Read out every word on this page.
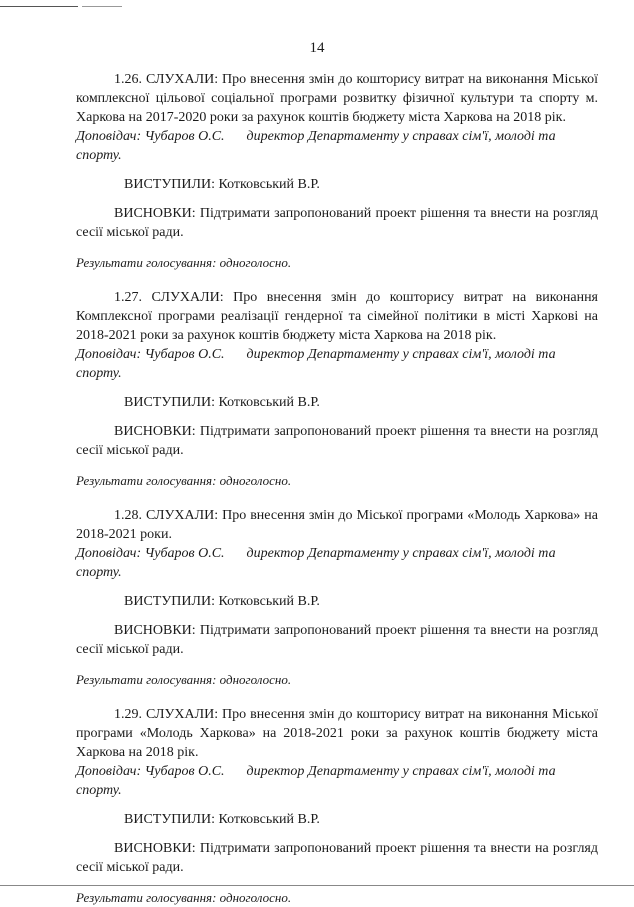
14
1.26. СЛУХАЛИ: Про внесення змін до кошторису витрат на виконання Міської комплексної цільової соціальної програми розвитку фізичної культури та спорту м. Харкова на 2017-2020 роки за рахунок коштів бюджету міста Харкова на 2018 рік.
Доповідач: Чубаров О.С. директор Департаменту у справах сім'ї, молоді та спорту.
ВИСТУПИЛИ: Котковський В.Р.
ВИСНОВКИ: Підтримати запропонований проект рішення та внести на розгляд сесії міської ради.
Результати голосування: одноголосно.
1.27. СЛУХАЛИ: Про внесення змін до кошторису витрат на виконання Комплексної програми реалізації гендерної та сімейної політики в місті Харкові на 2018-2021 роки за рахунок коштів бюджету міста Харкова на 2018 рік.
Доповідач: Чубаров О.С. директор Департаменту у справах сім'ї, молоді та спорту.
ВИСТУПИЛИ: Котковський В.Р.
ВИСНОВКИ: Підтримати запропонований проект рішення та внести на розгляд сесії міської ради.
Результати голосування: одноголосно.
1.28. СЛУХАЛИ: Про внесення змін до Міської програми «Молодь Харкова» на 2018-2021 роки.
Доповідач: Чубаров О.С. директор Департаменту у справах сім'ї, молоді та спорту.
ВИСТУПИЛИ: Котковський В.Р.
ВИСНОВКИ: Підтримати запропонований проект рішення та внести на розгляд сесії міської ради.
Результати голосування: одноголосно.
1.29. СЛУХАЛИ: Про внесення змін до кошторису витрат на виконання Міської програми «Молодь Харкова» на 2018-2021 роки за рахунок коштів бюджету міста Харкова на 2018 рік.
Доповідач: Чубаров О.С. директор Департаменту у справах сім'ї, молоді та спорту.
ВИСТУПИЛИ: Котковський В.Р.
ВИСНОВКИ: Підтримати запропонований проект рішення та внести на розгляд сесії міської ради.
Результати голосування: одноголосно.
